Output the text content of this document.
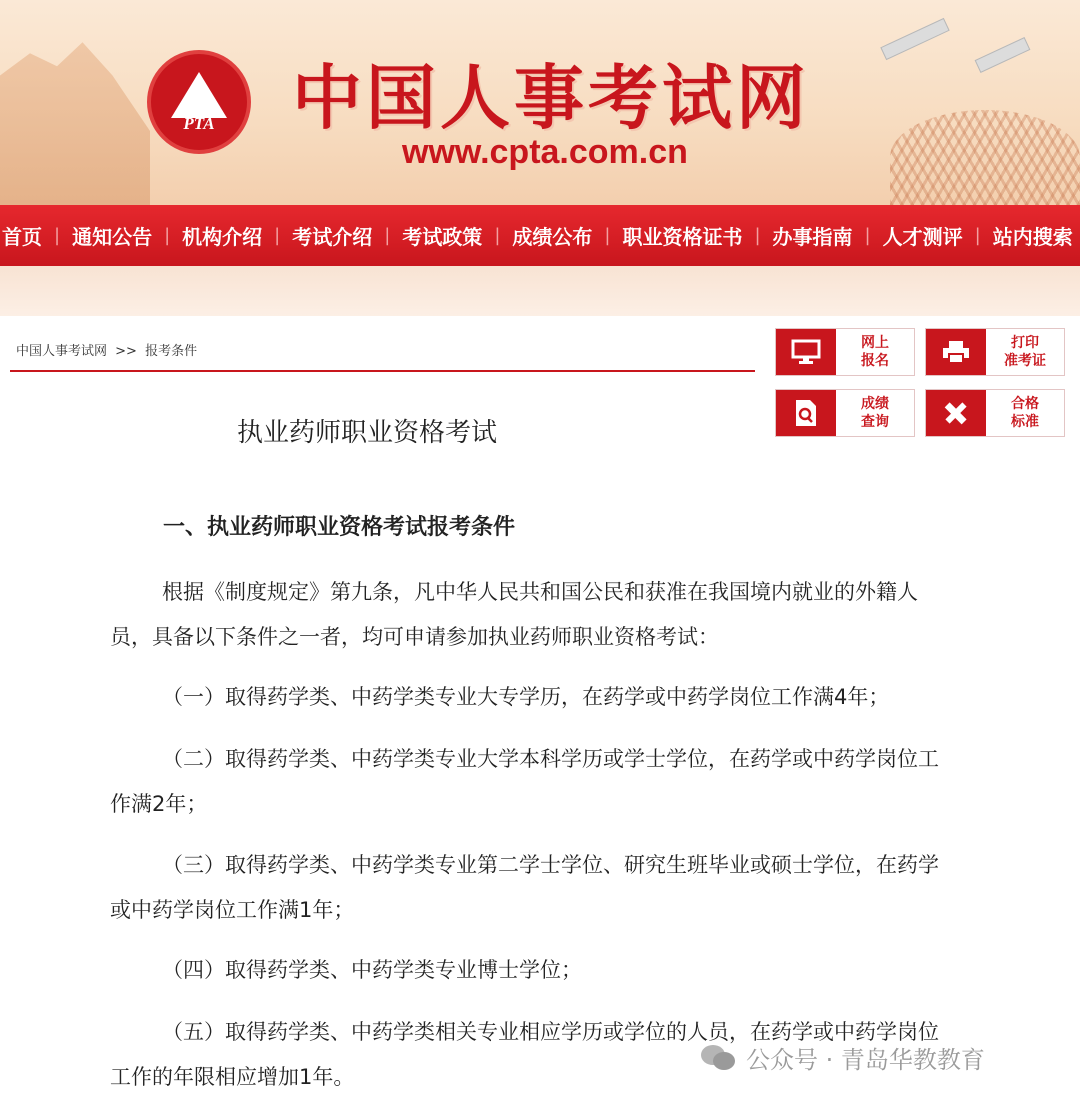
PTA	中国人事考试网
www.cpta.com.cn
首页 | 通知公告 | 机构介绍 | 考试介绍 | 考试政策 | 成绩公布 | 职业资格证书 | 办事指南 | 人才测评 | 站内搜索
中国人事考试网 >> 报考条件
执业药师职业资格考试
网上
报名
打印
准考证
成绩
查询
合格
标准
一、执业药师职业资格考试报考条件
根据《制度规定》第九条，凡中华人民共和国公民和获准在我国境内就业的外籍人员，具备以下条件之一者，均可申请参加执业药师职业资格考试：
（一）取得药学类、中药学类专业大专学历，在药学或中药学岗位工作满4年；
（二）取得药学类、中药学类专业大学本科学历或学士学位，在药学或中药学岗位工作满2年；
（三）取得药学类、中药学类专业第二学士学位、研究生班毕业或硕士学位，在药学或中药学岗位工作满1年；
（四）取得药学类、中药学类专业博士学位；
（五）取得药学类、中药学类相关专业相应学历或学位的人员，在药学或中药学岗位工作的年限相应增加1年。
公众号 · 青岛华教教育
